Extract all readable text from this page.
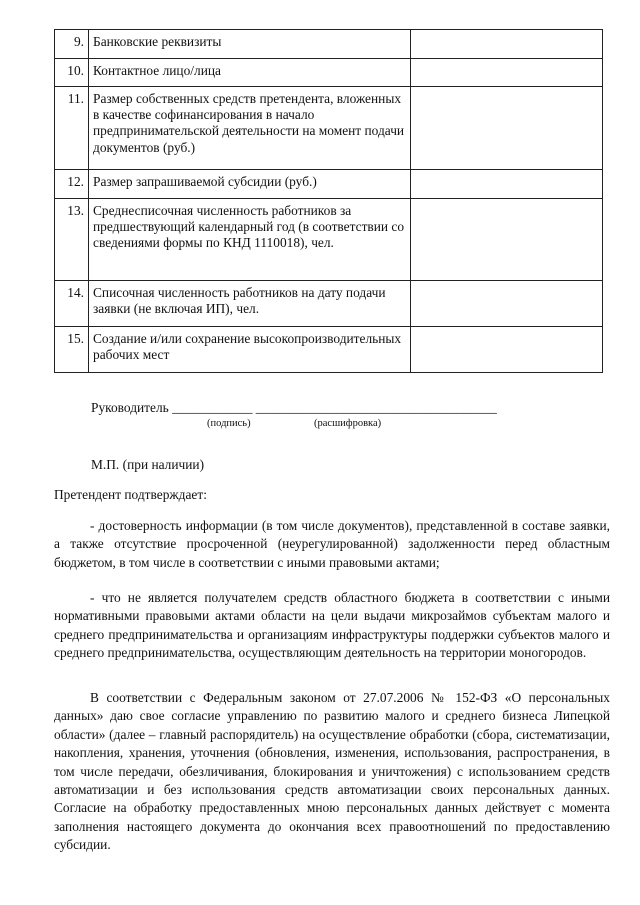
9.	Банковские реквизиты	
10.	Контактное лицо/лица	
11.	Размер собственных средств претендента, вложенных в качестве софинансирования в начало предпринимательской деятельности на момент подачи документов (руб.)	
12.	Размер запрашиваемой субсидии (руб.)	
13.	Среднесписочная численность работников за предшествующий календарный год (в соответствии со сведениями формы по КНД 1110018), чел.	
14.	Списочная численность работников на дату подачи заявки (не включая ИП), чел.	
15.	Создание и/или сохранение высокопроизводительных рабочих мест	
Руководитель ____________ ____________________________________
(подпись)	(расшифровка)
М.П. (при наличии)
Претендент подтверждает:

- достоверность информации (в том числе документов), представленной в составе заявки, а также отсутствие просроченной (неурегулированной) задолженности перед областным бюджетом, в том числе в соответствии с иными правовыми актами;

- что не является получателем средств областного бюджета в соответствии с иными нормативными правовыми актами области на цели выдачи микрозаймов субъектам малого и среднего предпринимательства и организациям инфраструктуры поддержки субъектов малого и среднего предпринимательства, осуществляющим деятельность на территории моногородов.

В соответствии с Федеральным законом от 27.07.2006 № 152-ФЗ «О персональных данных» даю свое согласие управлению по развитию малого и среднего бизнеса Липецкой области» (далее – главный распорядитель) на осуществление обработки (сбора, систематизации, накопления, хранения, уточнения (обновления, изменения, использования, распространения, в том числе передачи, обезличивания, блокирования и уничтожения) с использованием средств автоматизации и без использования средств автоматизации своих персональных данных. Согласие на обработку предоставленных мною персональных данных действует с момента заполнения настоящего документа до окончания всех правоотношений по предоставлению субсидии.
